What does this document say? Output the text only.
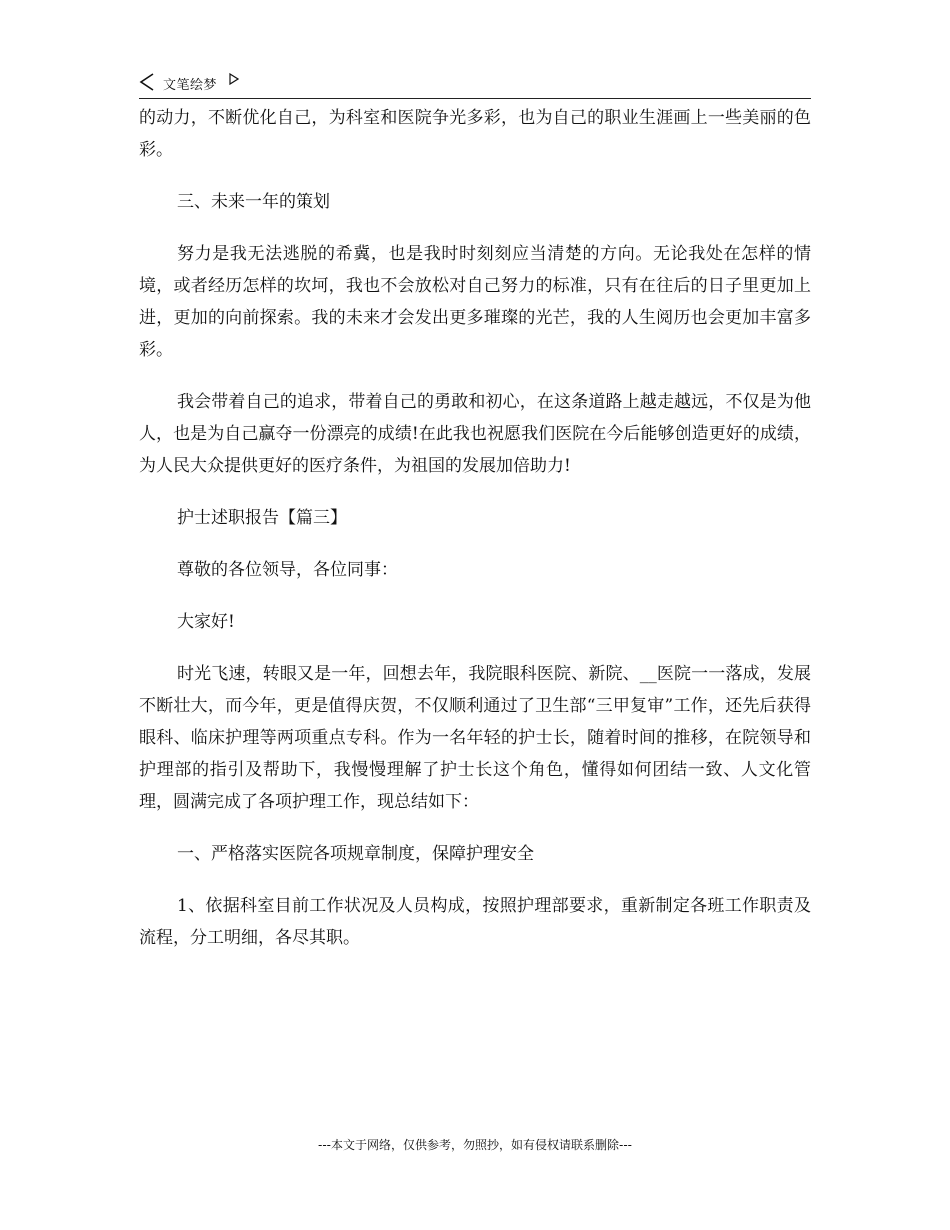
文笔绘梦

的动力，不断优化自己，为科室和医院争光多彩，也为自己的职业生涯画上一些美丽的色彩。

三、未来一年的策划

努力是我无法逃脱的希冀，也是我时时刻刻应当清楚的方向。无论我处在怎样的情境，或者经历怎样的坎坷，我也不会放松对自己努力的标准，只有在往后的日子里更加上进，更加的向前探索。我的未来才会发出更多璀璨的光芒，我的人生阅历也会更加丰富多彩。

我会带着自己的追求，带着自己的勇敢和初心，在这条道路上越走越远，不仅是为他人，也是为自己赢夺一份漂亮的成绩!在此我也祝愿我们医院在今后能够创造更好的成绩，为人民大众提供更好的医疗条件，为祖国的发展加倍助力!

护士述职报告【篇三】

尊敬的各位领导，各位同事：

大家好!

时光飞速，转眼又是一年，回想去年，我院眼科医院、新院、__医院一一落成，发展不断壮大，而今年，更是值得庆贺，不仅顺利通过了卫生部“三甲复审”工作，还先后获得眼科、临床护理等两项重点专科。作为一名年轻的护士长，随着时间的推移，在院领导和护理部的指引及帮助下，我慢慢理解了护士长这个角色，懂得如何团结一致、人文化管理，圆满完成了各项护理工作，现总结如下：

一、严格落实医院各项规章制度，保障护理安全

1、依据科室目前工作状况及人员构成，按照护理部要求，重新制定各班工作职责及流程，分工明细，各尽其职。

---本文于网络，仅供参考，勿照抄，如有侵权请联系删除---
